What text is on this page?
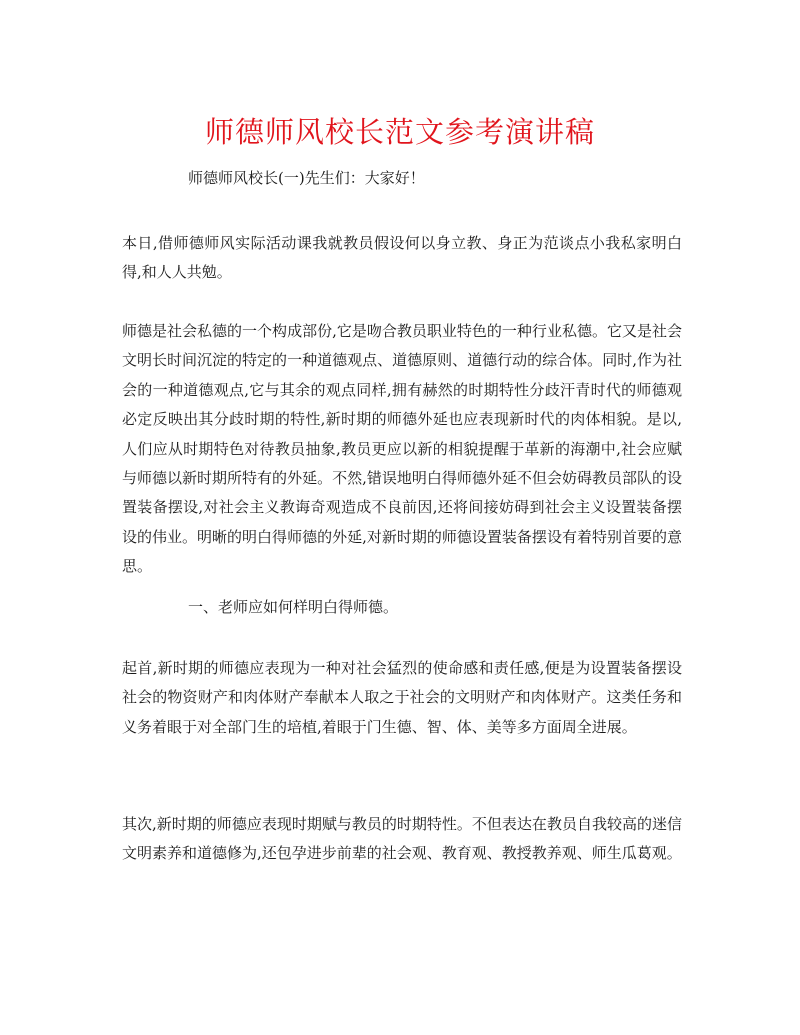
师德师风校长范文参考演讲稿
师德师风校长(一)先生们：大家好！

本日,借师德师风实际活动课我就教员假设何以身立教、身正为范谈点小我私家明白得,和人人共勉。

师德是社会私德的一个构成部份,它是吻合教员职业特色的一种行业私德。它又是社会文明长时间沉淀的特定的一种道德观点、道德原则、道德行动的综合体。同时,作为社会的一种道德观点,它与其余的观点同样,拥有赫然的时期特性分歧汗青时代的师德观必定反映出其分歧时期的特性,新时期的师德外延也应表现新时代的肉体相貌。是以,人们应从时期特色对待教员抽象,教员更应以新的相貌提醒于革新的海潮中,社会应赋与师德以新时期所特有的外延。不然,错误地明白得师德外延不但会妨碍教员部队的设置装备摆设,对社会主义教诲奇观造成不良前因,还将间接妨碍到社会主义设置装备摆设的伟业。明晰的明白得师德的外延,对新时期的师德设置装备摆设有着特别首要的意思。

一、老师应如何样明白得师德。

起首,新时期的师德应表现为一种对社会猛烈的使命感和责任感,便是为设置装备摆设社会的物资财产和肉体财产奉献本人取之于社会的文明财产和肉体财产。这类任务和义务着眼于对全部门生的培植,着眼于门生德、智、体、美等多方面周全进展。

其次,新时期的师德应表现时期赋与教员的时期特性。不但表达在教员自我较高的迷信文明素养和道德修为,还包孕进步前辈的社会观、教育观、教授教养观、师生瓜葛观。
